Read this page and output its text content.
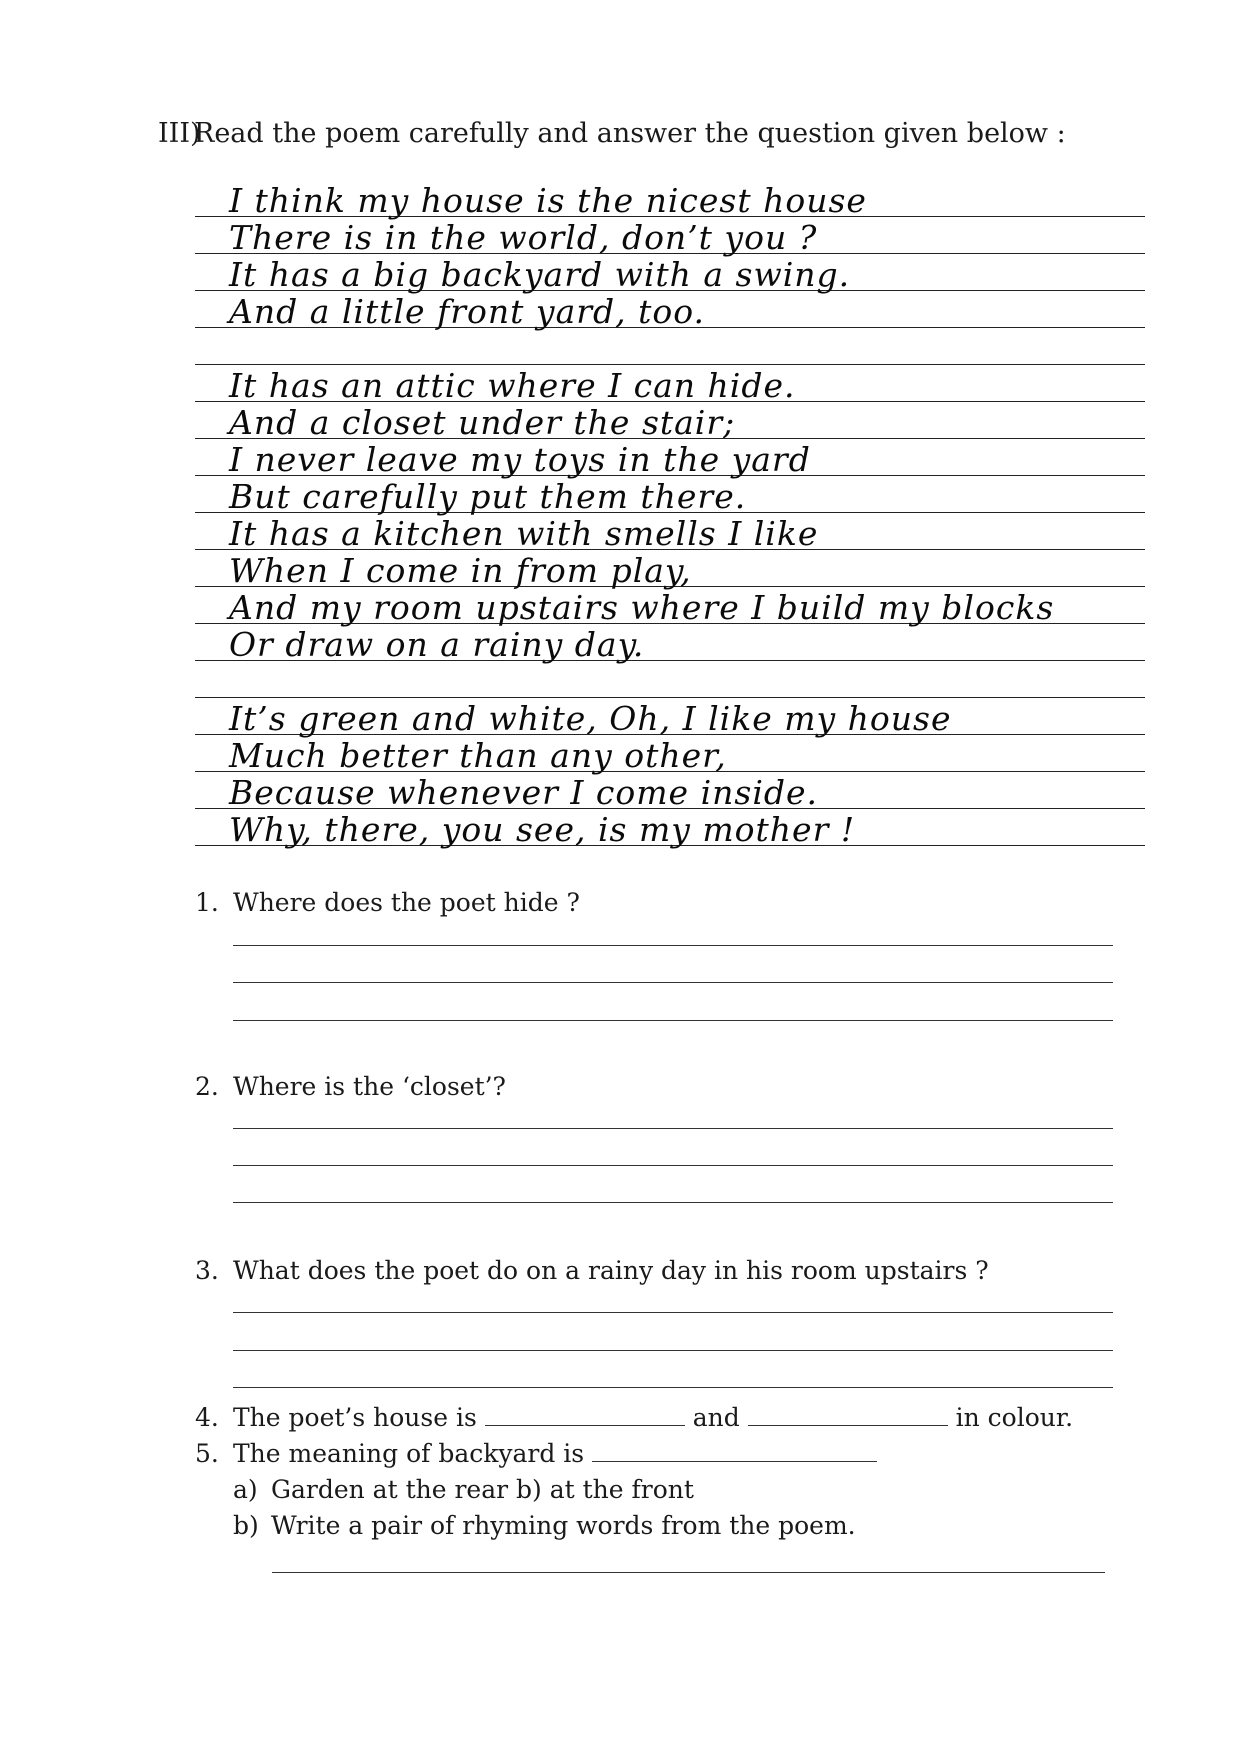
III)Read the poem carefully and answer the question given below :
I think my house is the nicest house
There is in the world, don’t you ?
It has a big backyard with a swing.
And a little front yard, too.
It has an attic where I can hide.
And a closet under the stair;
I never leave my toys in the yard
But carefully put them there.
It has a kitchen with smells I like
When I come in from play,
And my room upstairs where I build my blocks
Or draw on a rainy day.
It’s green and white, Oh, I like my house
Much better than any other,
Because whenever I come inside.
Why, there, you see, is my mother !
1. Where does the poet hide ?
2. Where is the ‘closet’?
3. What does the poet do on a rainy day in his room upstairs ?
4. The poet’s house is	and	in colour.
5. The meaning of backyard is
a) Garden at the rear b) at the front
b) Write a pair of rhyming words from the poem.
